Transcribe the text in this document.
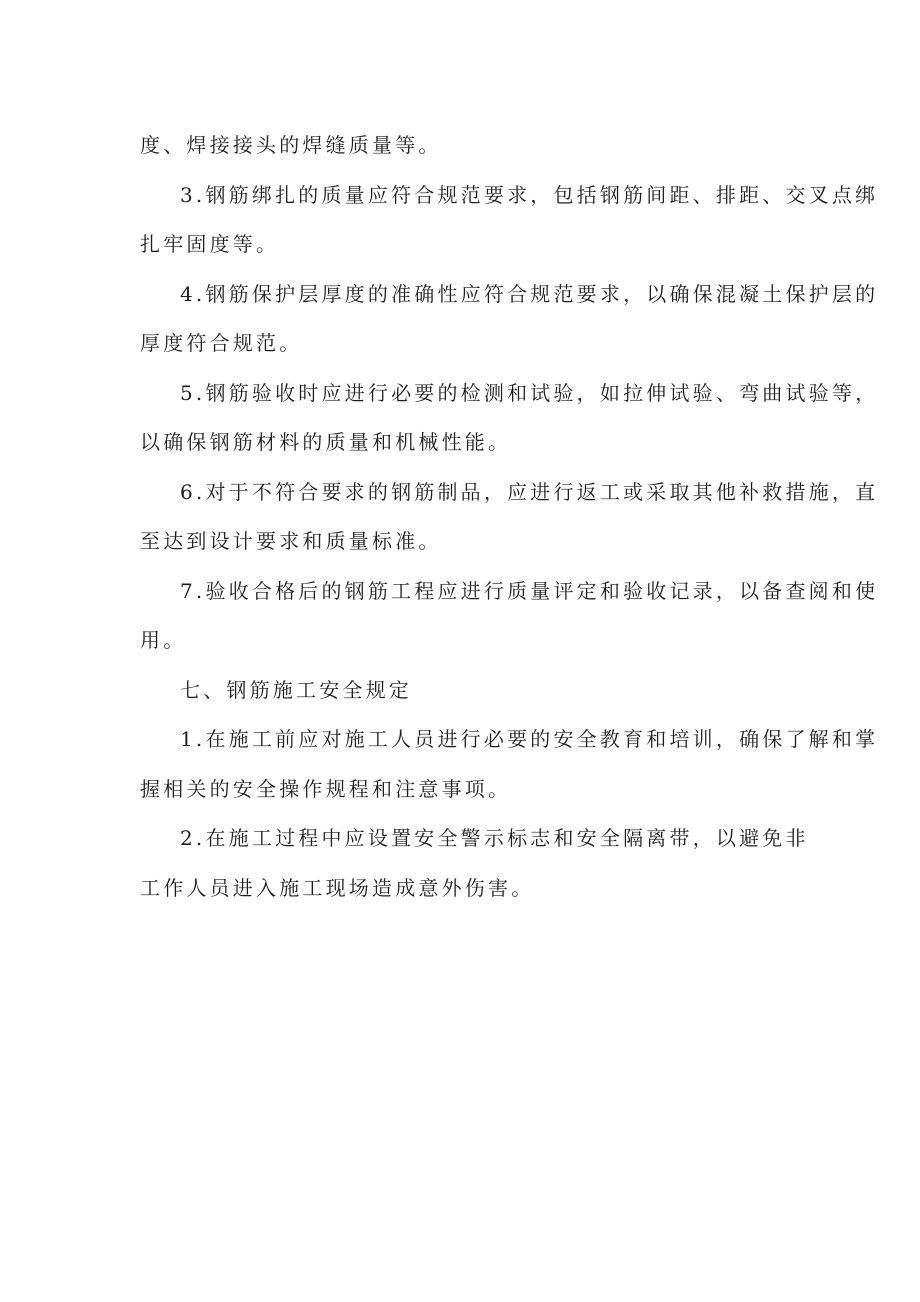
度、焊接接头的焊缝质量等。
3.钢筋绑扎的质量应符合规范要求，包括钢筋间距、排距、交叉点绑
扎牢固度等。
4.钢筋保护层厚度的准确性应符合规范要求，以确保混凝土保护层的
厚度符合规范。
5.钢筋验收时应进行必要的检测和试验，如拉伸试验、弯曲试验等，
以确保钢筋材料的质量和机械性能。
6.对于不符合要求的钢筋制品，应进行返工或采取其他补救措施，直
至达到设计要求和质量标准。
7.验收合格后的钢筋工程应进行质量评定和验收记录，以备查阅和使
用。
七、钢筋施工安全规定
1.在施工前应对施工人员进行必要的安全教育和培训，确保了解和掌
握相关的安全操作规程和注意事项。
2.在施工过程中应设置安全警示标志和安全隔离带，以避免非
工作人员进入施工现场造成意外伤害。
